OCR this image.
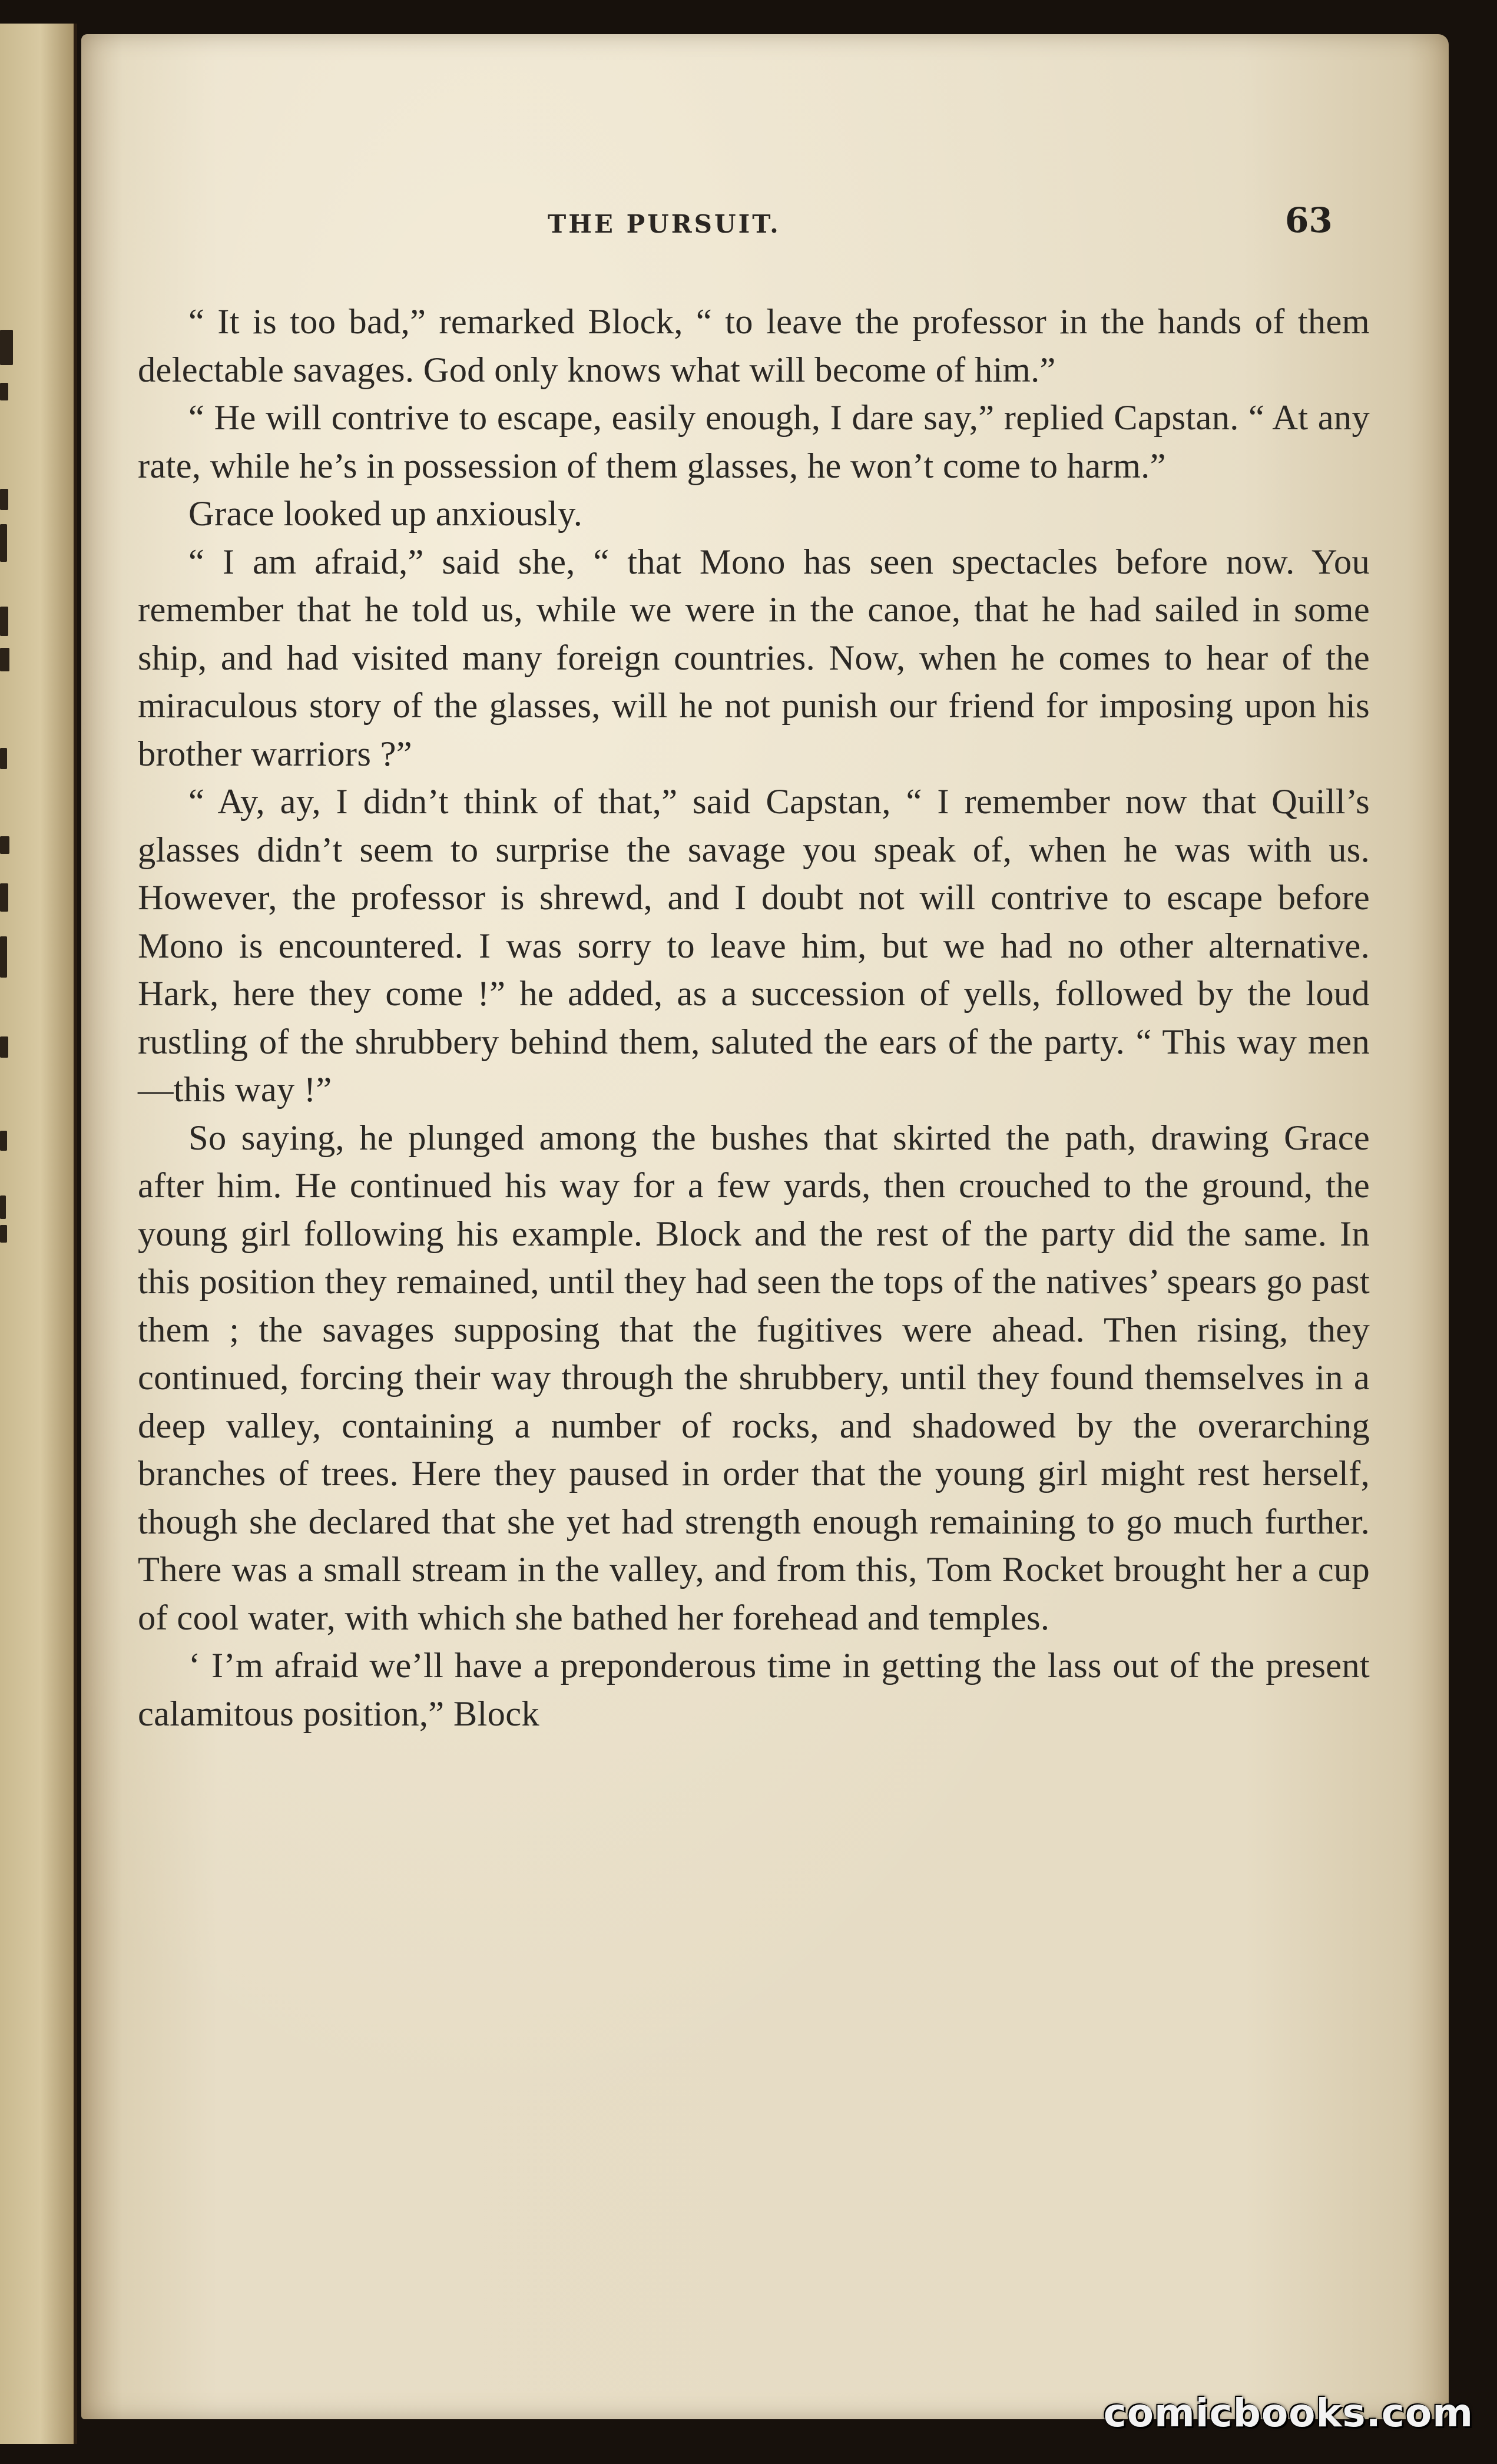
THE PURSUIT.	63

“ It is too bad,” remarked Block, “ to leave the professor in the hands of them delectable savages. God only knows what will become of him.”

“ He will contrive to escape, easily enough, I dare say,” replied Capstan. “ At any rate, while he’s in possession of them glasses, he won’t come to harm.”

Grace looked up anxiously.

“ I am afraid,” said she, “ that Mono has seen spectacles before now. You remember that he told us, while we were in the canoe, that he had sailed in some ship, and had visited many foreign countries. Now, when he comes to hear of the miraculous story of the glasses, will he not punish our friend for imposing upon his brother warriors ?”

“ Ay, ay, I didn’t think of that,” said Capstan, “ I remember now that Quill’s glasses didn’t seem to surprise the savage you speak of, when he was with us. However, the professor is shrewd, and I doubt not will contrive to escape before Mono is encountered. I was sorry to leave him, but we had no other alternative. Hark, here they come !” he added, as a succession of yells, followed by the loud rustling of the shrubbery behind them, saluted the ears of the party. “ This way men—this way !”

So saying, he plunged among the bushes that skirted the path, drawing Grace after him. He continued his way for a few yards, then crouched to the ground, the young girl following his example. Block and the rest of the party did the same. In this position they remained, until they had seen the tops of the natives’ spears go past them ; the savages supposing that the fugitives were ahead. Then rising, they continued, forcing their way through the shrubbery, until they found themselves in a deep valley, containing a number of rocks, and shadowed by the overarching branches of trees. Here they paused in order that the young girl might rest herself, though she declared that she yet had strength enough remaining to go much further. There was a small stream in the valley, and from this, Tom Rocket brought her a cup of cool water, with which she bathed her forehead and temples.

‘ I’m afraid we’ll have a preponderous time in getting the lass out of the present calamitous position,” Block

comicbooks.com
